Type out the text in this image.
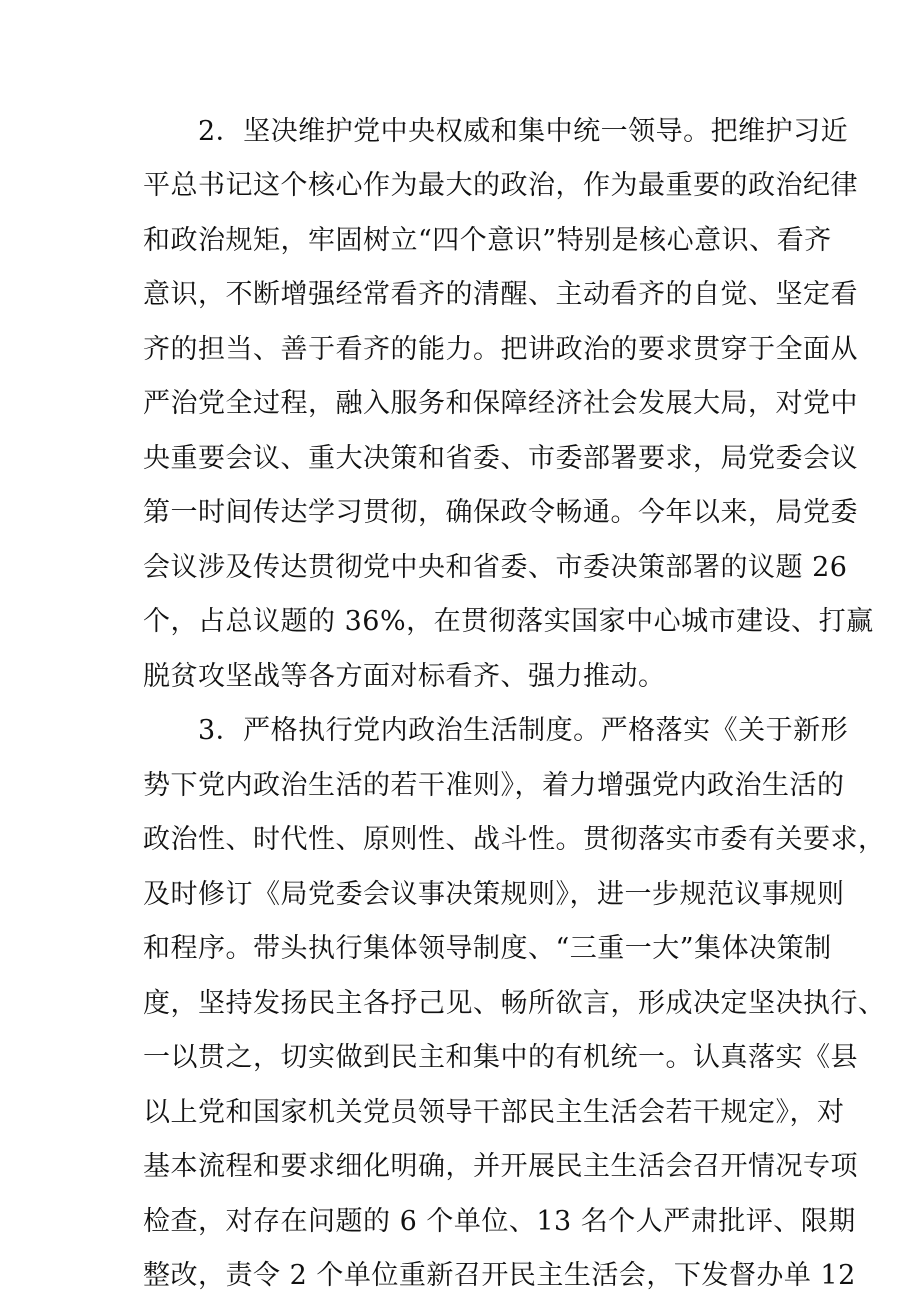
2．坚决维护党中央权威和集中统一领导。把维护习近
平总书记这个核心作为最大的政治，作为最重要的政治纪律
和政治规矩，牢固树立“四个意识”特别是核心意识、看齐
意识，不断增强经常看齐的清醒、主动看齐的自觉、坚定看
齐的担当、善于看齐的能力。把讲政治的要求贯穿于全面从
严治党全过程，融入服务和保障经济社会发展大局，对党中
央重要会议、重大决策和省委、市委部署要求，局党委会议
第一时间传达学习贯彻，确保政令畅通。今年以来，局党委
会议涉及传达贯彻党中央和省委、市委决策部署的议题 26
个，占总议题的 36%，在贯彻落实国家中心城市建设、打赢
脱贫攻坚战等各方面对标看齐、强力推动。
3．严格执行党内政治生活制度。严格落实《关于新形
势下党内政治生活的若干准则》，着力增强党内政治生活的
政治性、时代性、原则性、战斗性。贯彻落实市委有关要求，
及时修订《局党委会议事决策规则》，进一步规范议事规则
和程序。带头执行集体领导制度、“三重一大”集体决策制
度，坚持发扬民主各抒己见、畅所欲言，形成决定坚决执行、
一以贯之，切实做到民主和集中的有机统一。认真落实《县
以上党和国家机关党员领导干部民主生活会若干规定》，对
基本流程和要求细化明确，并开展民主生活会召开情况专项
检查，对存在问题的 6 个单位、13 名个人严肃批评、限期
整改，责令 2 个单位重新召开民主生活会，下发督办单 12
